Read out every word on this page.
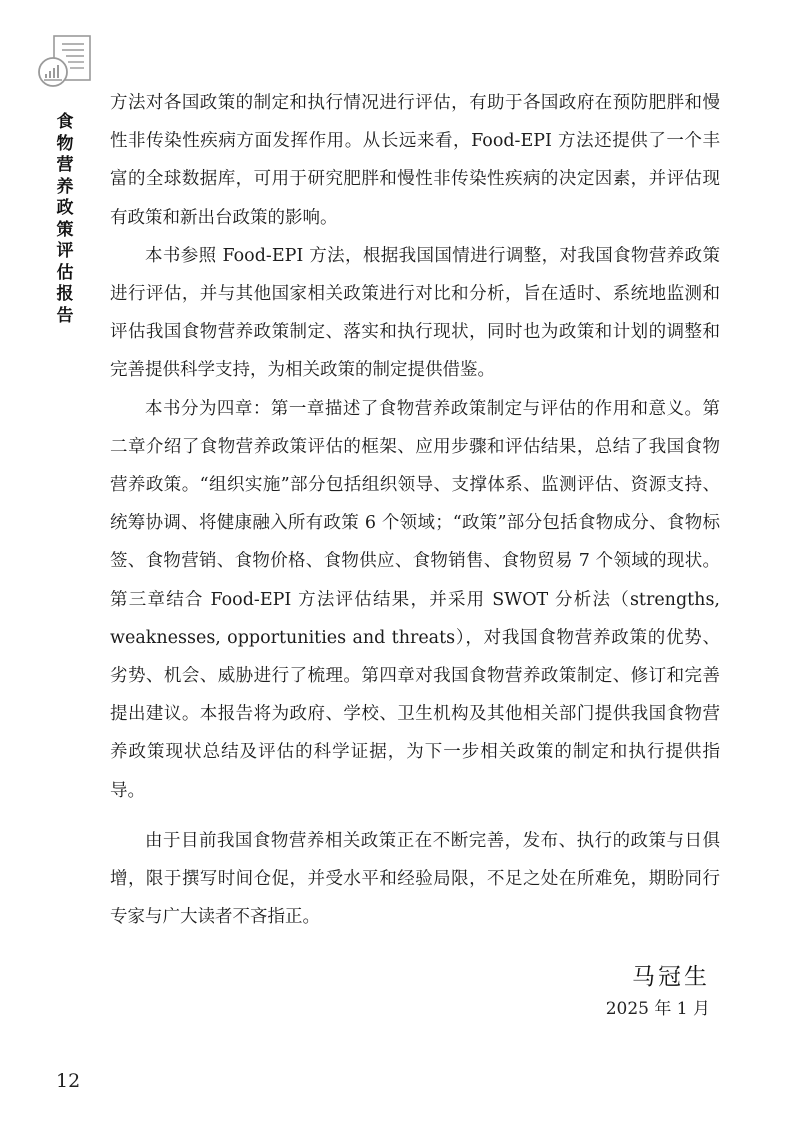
食物营养政策评估报告

方法对各国政策的制定和执行情况进行评估，有助于各国政府在预防肥胖和慢性非传染性疾病方面发挥作用。从长远来看，Food-EPI 方法还提供了一个丰富的全球数据库，可用于研究肥胖和慢性非传染性疾病的决定因素，并评估现有政策和新出台政策的影响。

本书参照 Food-EPI 方法，根据我国国情进行调整，对我国食物营养政策进行评估，并与其他国家相关政策进行对比和分析，旨在适时、系统地监测和评估我国食物营养政策制定、落实和执行现状，同时也为政策和计划的调整和完善提供科学支持，为相关政策的制定提供借鉴。

本书分为四章：第一章描述了食物营养政策制定与评估的作用和意义。第二章介绍了食物营养政策评估的框架、应用步骤和评估结果，总结了我国食物营养政策。“组织实施”部分包括组织领导、支撑体系、监测评估、资源支持、统筹协调、将健康融入所有政策 6 个领域；“政策”部分包括食物成分、食物标签、食物营销、食物价格、食物供应、食物销售、食物贸易 7 个领域的现状。第三章结合 Food-EPI 方法评估结果，并采用 SWOT 分析法（strengths, weaknesses, opportunities and threats），对我国食物营养政策的优势、劣势、机会、威胁进行了梳理。第四章对我国食物营养政策制定、修订和完善提出建议。本报告将为政府、学校、卫生机构及其他相关部门提供我国食物营养政策现状总结及评估的科学证据，为下一步相关政策的制定和执行提供指导。

由于目前我国食物营养相关政策正在不断完善，发布、执行的政策与日俱增，限于撰写时间仓促，并受水平和经验局限，不足之处在所难免，期盼同行专家与广大读者不吝指正。

马冠生
2025 年 1 月
12
